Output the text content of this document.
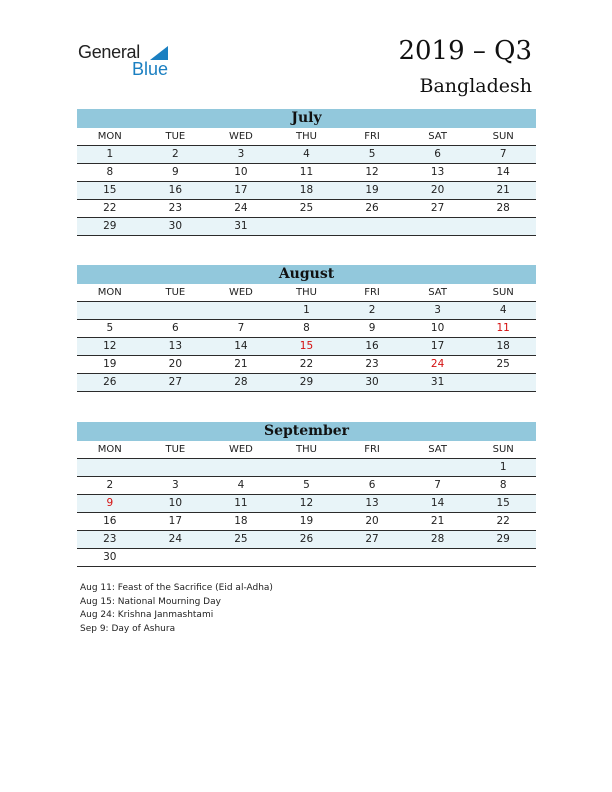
General
Blue
2019 – Q3
Bangladesh
July
MON	TUE	WED	THU	FRI	SAT	SUN
1	2	3	4	5	6	7
8	9	10	11	12	13	14
15	16	17	18	19	20	21
22	23	24	25	26	27	28
29	30	31				
August
MON	TUE	WED	THU	FRI	SAT	SUN
			1	2	3	4
5	6	7	8	9	10	11
12	13	14	15	16	17	18
19	20	21	22	23	24	25
26	27	28	29	30	31	
September
MON	TUE	WED	THU	FRI	SAT	SUN
						1
2	3	4	5	6	7	8
9	10	11	12	13	14	15
16	17	18	19	20	21	22
23	24	25	26	27	28	29
30						
Aug 11: Feast of the Sacrifice (Eid al-Adha)
Aug 15: National Mourning Day
Aug 24: Krishna Janmashtami
Sep 9: Day of Ashura
